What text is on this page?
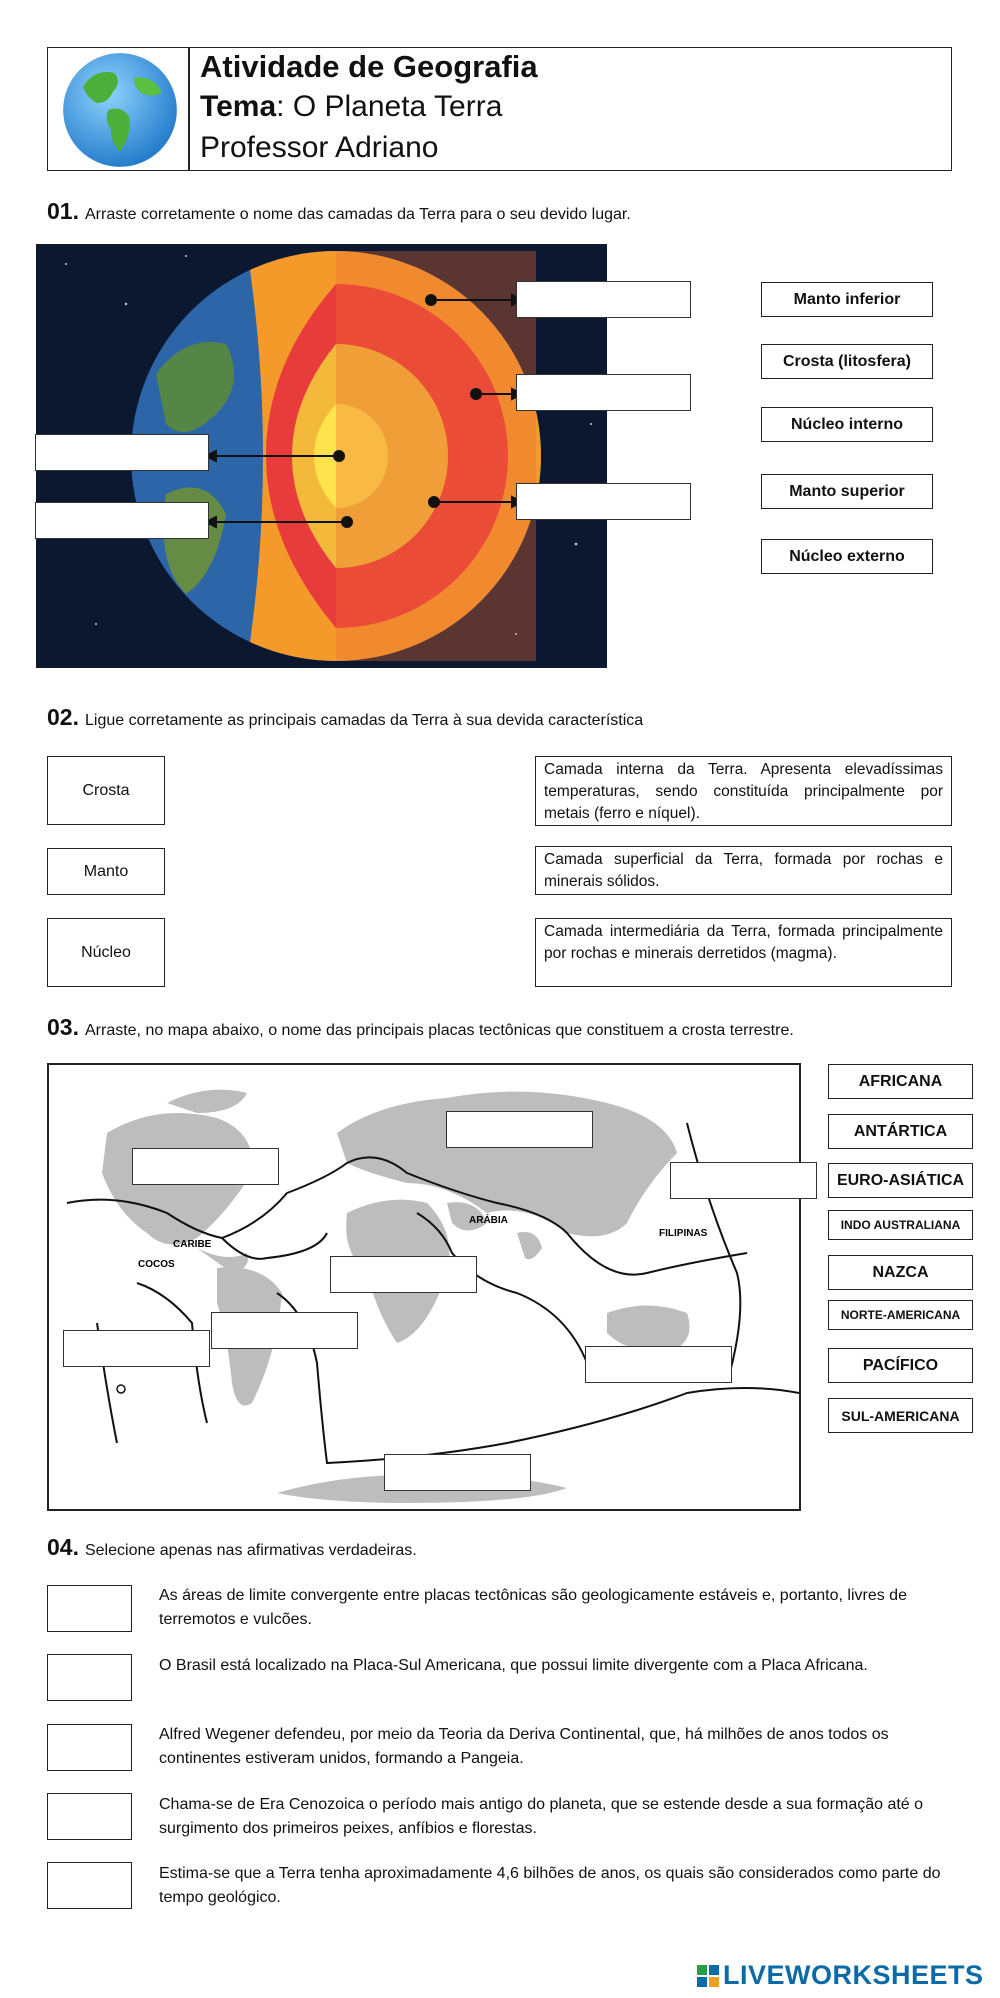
Atividade de Geografia
Tema: O Planeta Terra
Professor Adriano
01. Arraste corretamente o nome das camadas da Terra para o seu devido lugar.
Manto inferior
Crosta (litosfera)
Núcleo interno
Manto superior
Núcleo externo
02. Ligue corretamente as principais camadas da Terra à sua devida característica
Crosta
Manto
Núcleo
Camada interna da Terra. Apresenta elevadíssimas temperaturas, sendo constituída principalmente por metais (ferro e níquel).
Camada superficial da Terra, formada por rochas e minerais sólidos.
Camada intermediária da Terra, formada principalmente por rochas e minerais derretidos (magma).
03. Arraste, no mapa abaixo, o nome das principais placas tectônicas que constituem a crosta terrestre.
CARIBE
COCOS
ARÁBIA
FILIPINAS
AFRICANA
ANTÁRTICA
EURO-ASIÁTICA
INDO AUSTRALIANA
NAZCA
NORTE-AMERICANA
PACÍFICO
SUL-AMERICANA
04. Selecione apenas nas afirmativas verdadeiras.
As áreas de limite convergente entre placas tectônicas são geologicamente estáveis e, portanto, livres de terremotos e vulcões.
O Brasil está localizado na Placa-Sul Americana, que possui limite divergente com a Placa Africana.
Alfred Wegener defendeu, por meio da Teoria da Deriva Continental, que, há milhões de anos todos os continentes estiveram unidos, formando a Pangeia.
Chama-se de Era Cenozoica o período mais antigo do planeta, que se estende desde a sua formação até o surgimento dos primeiros peixes, anfíbios e florestas.
Estima-se que a Terra tenha aproximadamente 4,6 bilhões de anos, os quais são considerados como parte do tempo geológico.
LIVEWORKSHEETS
